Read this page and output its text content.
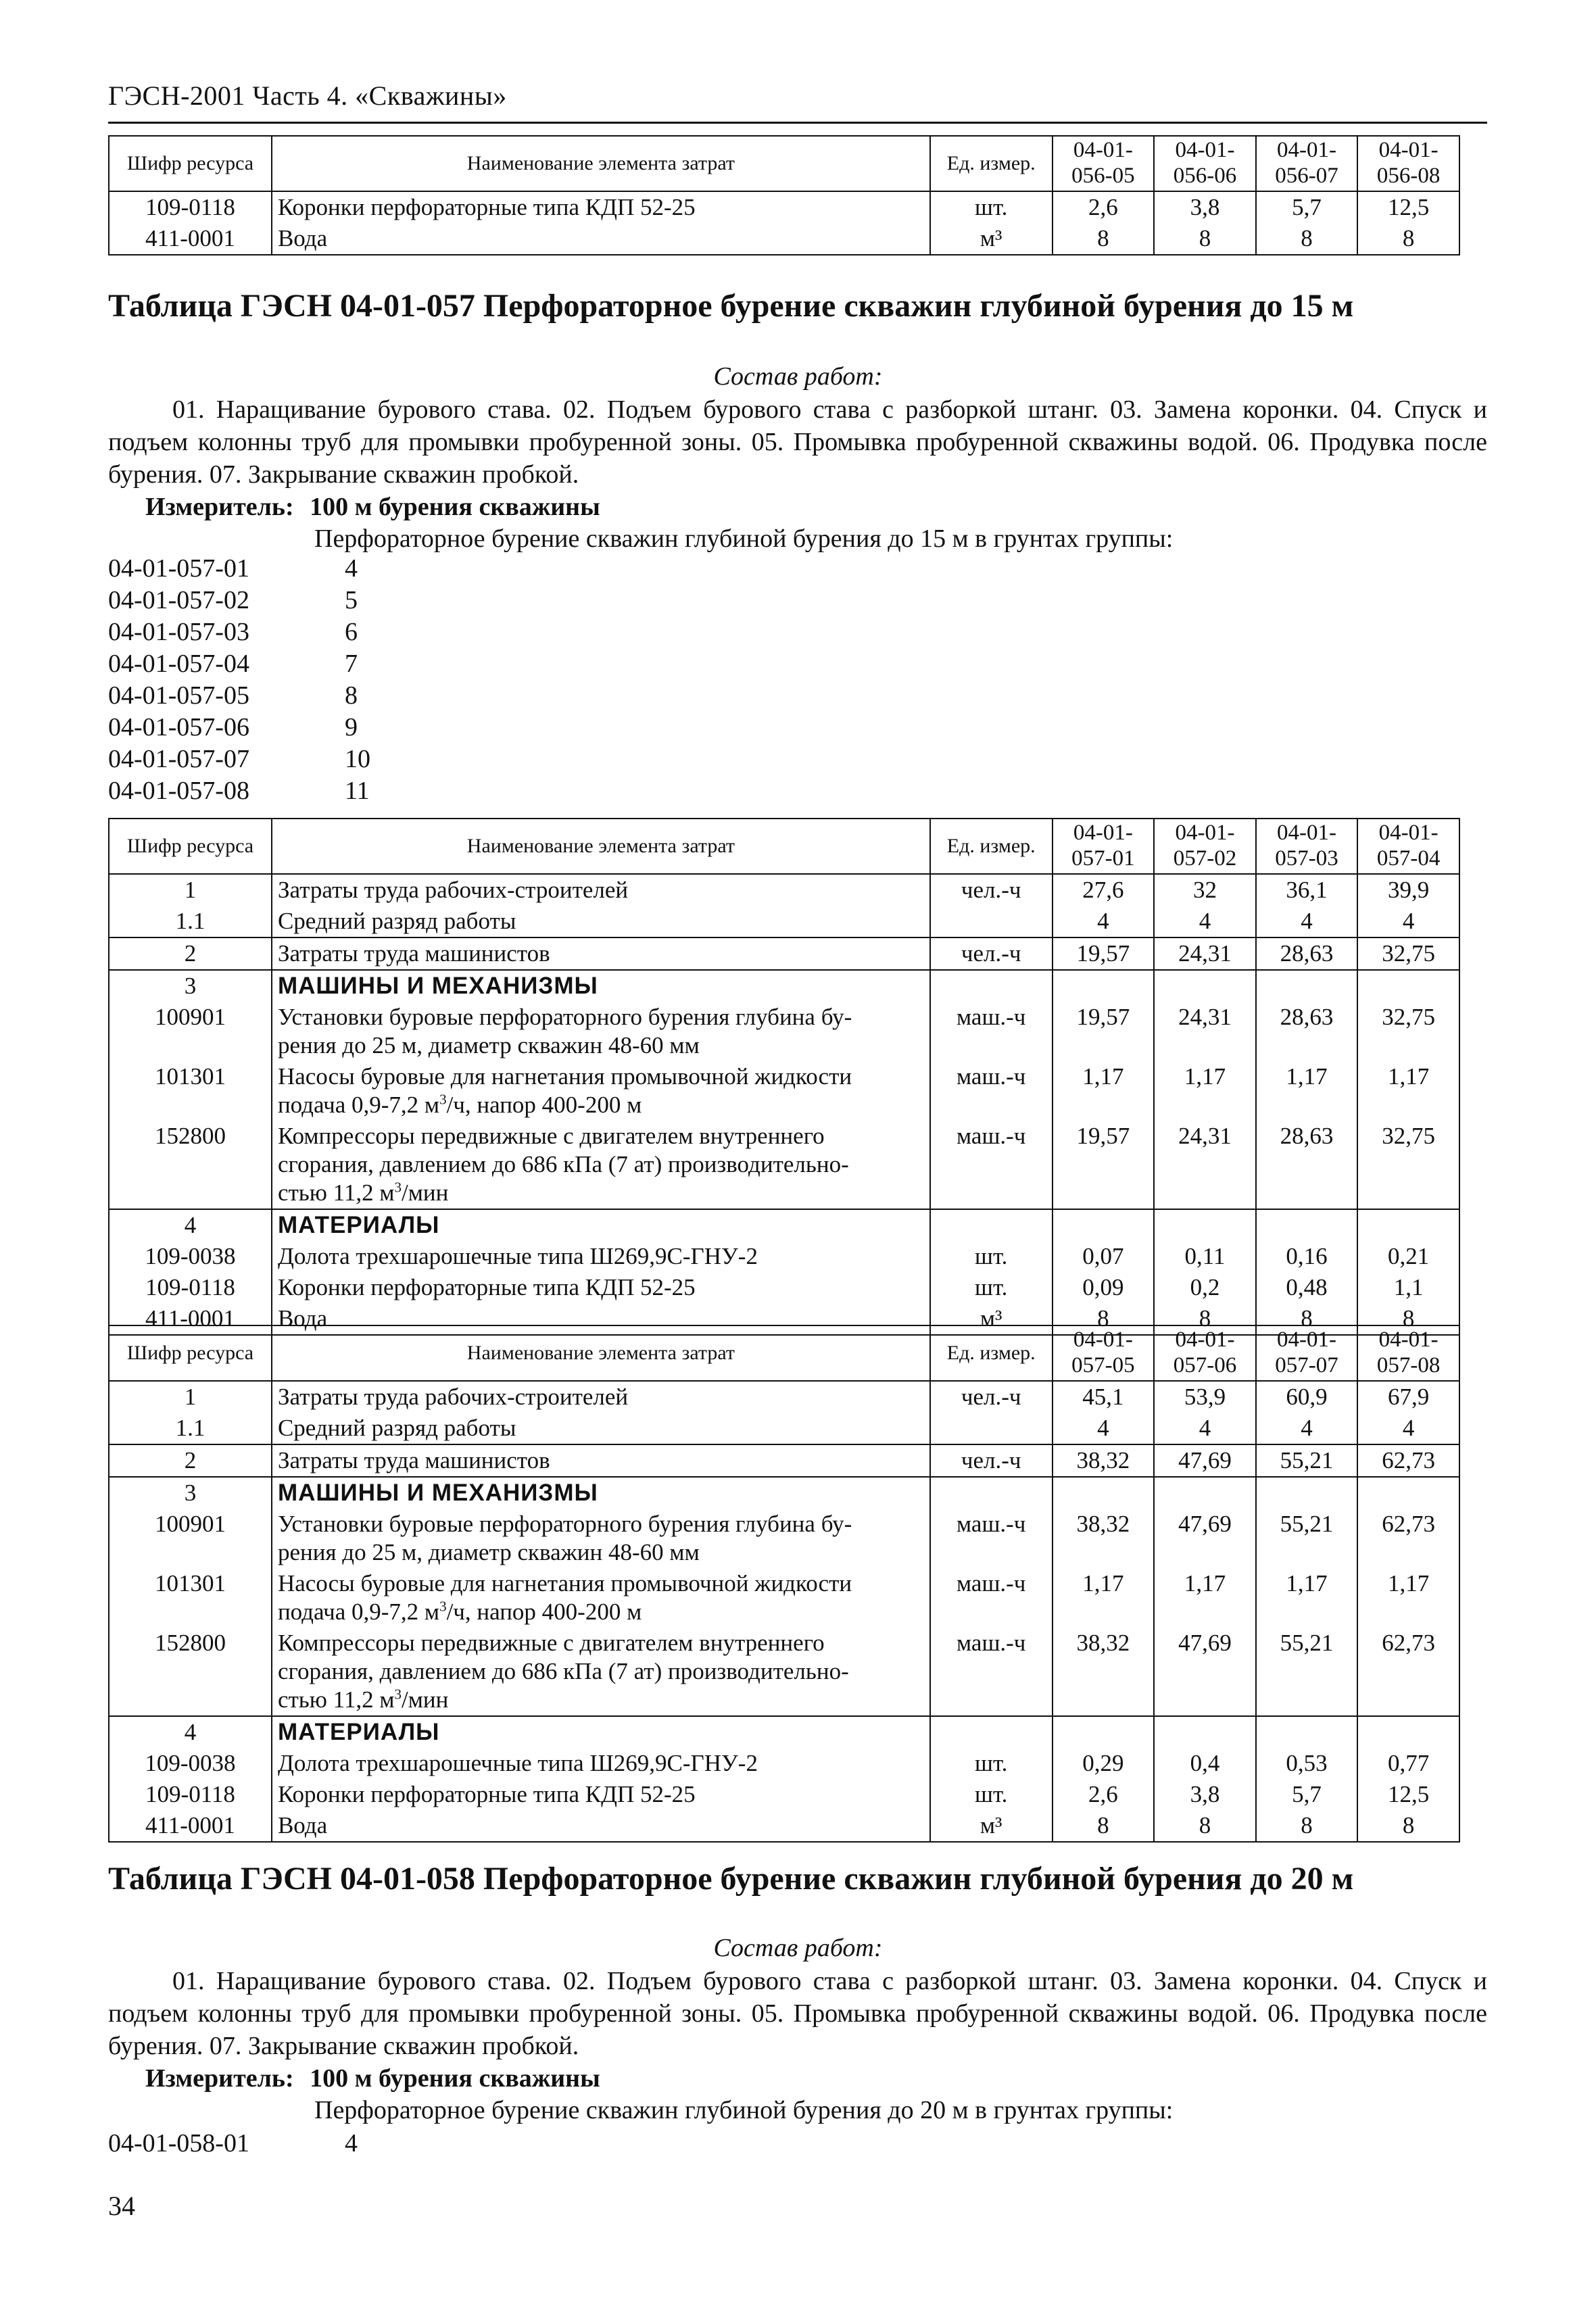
ГЭСН-2001 Часть 4. «Скважины»
Шифр ресурса	Наименование элемента затрат	Ед. измер.	04-01-056-05	04-01-056-06	04-01-056-07	04-01-056-08
109-0118	Коронки перфораторные типа КДП 52-25	шт.	2,6	3,8	5,7	12,5
411-0001	Вода	м³	8	8	8	8
Таблица ГЭСН 04-01-057 Перфораторное бурение скважин глубиной бурения до 15 м
Состав работ:
01. Наращивание бурового става. 02. Подъем бурового става с разборкой штанг. 03. Замена коронки. 04. Спуск и подъем колонны труб для промывки пробуренной зоны. 05. Промывка пробуренной скважины водой. 06. Продувка после бурения. 07. Закрывание скважин пробкой.
Измеритель: 100 м бурения скважины
Перфораторное бурение скважин глубиной бурения до 15 м в грунтах группы:
04-01-057-01	4
04-01-057-02	5
04-01-057-03	6
04-01-057-04	7
04-01-057-05	8
04-01-057-06	9
04-01-057-07	10
04-01-057-08	11
Шифр ресурса	Наименование элемента затрат	Ед. измер.	04-01-057-01	04-01-057-02	04-01-057-03	04-01-057-04
1	Затраты труда рабочих-строителей	чел.-ч	27,6	32	36,1	39,9
1.1	Средний разряд работы		4	4	4	4
2	Затраты труда машинистов	чел.-ч	19,57	24,31	28,63	32,75
3	МАШИНЫ И МЕХАНИЗМЫ					
100901	Установки буровые перфораторного бурения глубина бу-
рения до 25 м, диаметр скважин 48-60 мм	маш.-ч	19,57	24,31	28,63	32,75
101301	Насосы буровые для нагнетания промывочной жидкости
подача 0,9-7,2 $м^3/ч$, напор 400-200 м	маш.-ч	1,17	1,17	1,17	1,17
152800	Компрессоры передвижные с двигателем внутреннего
сгорания, давлением до 686 кПа (7 ат) производительно-
стью 11,2 $м^3$/мин	маш.-ч	19,57	24,31	28,63	32,75
4	МАТЕРИАЛЫ					
109-0038	Долота трехшарошечные типа Ш269,9С-ГНУ-2	шт.	0,07	0,11	0,16	0,21
109-0118	Коронки перфораторные типа КДП 52-25	шт.	0,09	0,2	0,48	1,1
411-0001	Вода	м³	8	8	8	8
Шифр ресурса	Наименование элемента затрат	Ед. измер.	04-01-057-05	04-01-057-06	04-01-057-07	04-01-057-08
1	Затраты труда рабочих-строителей	чел.-ч	45,1	53,9	60,9	67,9
1.1	Средний разряд работы		4	4	4	4
2	Затраты труда машинистов	чел.-ч	38,32	47,69	55,21	62,73
3	МАШИНЫ И МЕХАНИЗМЫ					
100901	Установки буровые перфораторного бурения глубина бу-
рения до 25 м, диаметр скважин 48-60 мм	маш.-ч	38,32	47,69	55,21	62,73
101301	Насосы буровые для нагнетания промывочной жидкости
подача 0,9-7,2 $м^3/ч$, напор 400-200 м	маш.-ч	1,17	1,17	1,17	1,17
152800	Компрессоры передвижные с двигателем внутреннего
сгорания, давлением до 686 кПа (7 ат) производительно-
стью 11,2 $м^3$/мин	маш.-ч	38,32	47,69	55,21	62,73
4	МАТЕРИАЛЫ					
109-0038	Долота трехшарошечные типа Ш269,9С-ГНУ-2	шт.	0,29	0,4	0,53	0,77
109-0118	Коронки перфораторные типа КДП 52-25	шт.	2,6	3,8	5,7	12,5
411-0001	Вода	м³	8	8	8	8
Таблица ГЭСН 04-01-058 Перфораторное бурение скважин глубиной бурения до 20 м
Состав работ:
01. Наращивание бурового става. 02. Подъем бурового става с разборкой штанг. 03. Замена коронки. 04. Спуск и подъем колонны труб для промывки пробуренной зоны. 05. Промывка пробуренной скважины водой. 06. Продувка после бурения. 07. Закрывание скважин пробкой.
Измеритель: 100 м бурения скважины
Перфораторное бурение скважин глубиной бурения до 20 м в грунтах группы:
04-01-058-01	4
34
